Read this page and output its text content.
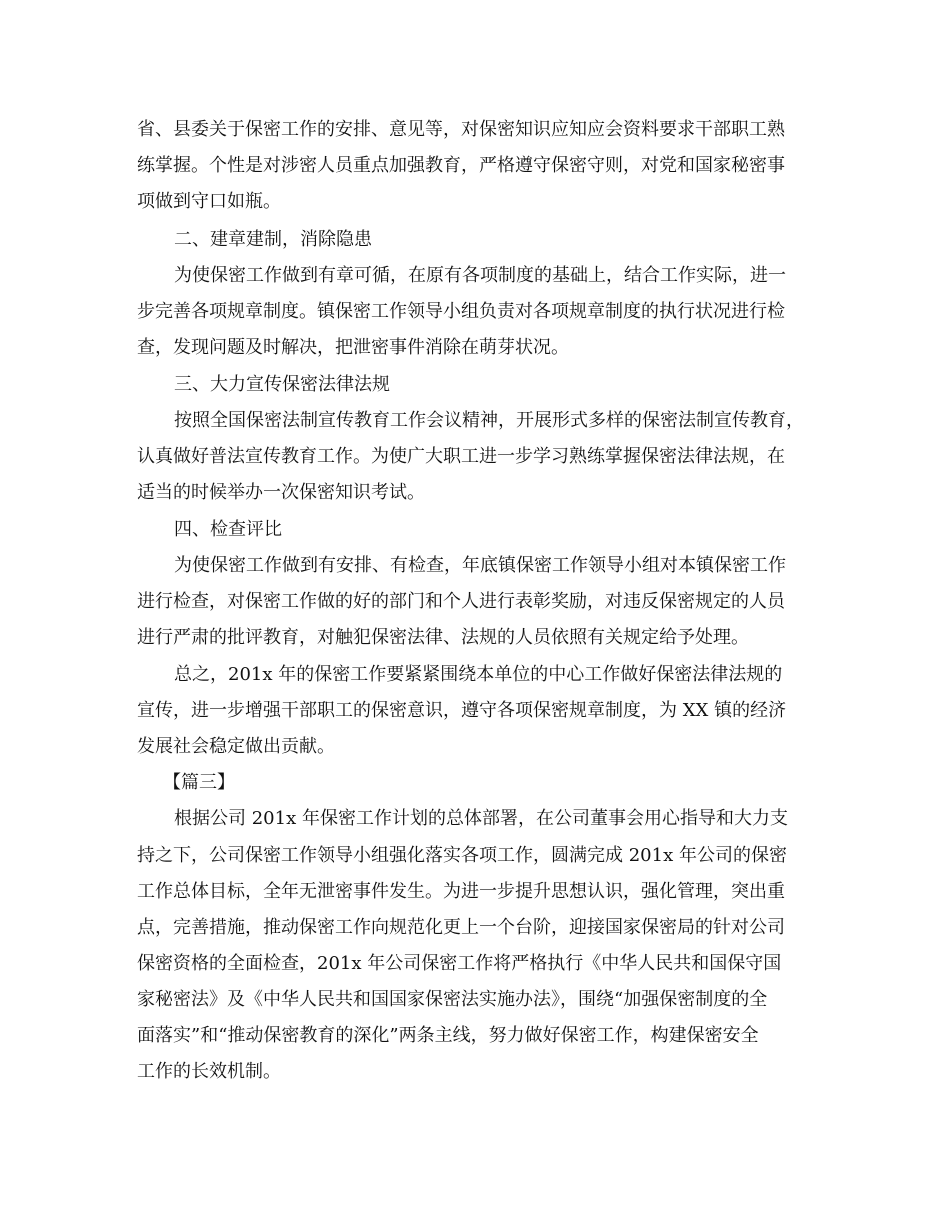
省、县委关于保密工作的安排、意见等，对保密知识应知应会资料要求干部职工熟
练掌握。个性是对涉密人员重点加强教育，严格遵守保密守则，对党和国家秘密事
项做到守口如瓶。
二、建章建制，消除隐患
为使保密工作做到有章可循，在原有各项制度的基础上，结合工作实际，进一
步完善各项规章制度。镇保密工作领导小组负责对各项规章制度的执行状况进行检
查，发现问题及时解决，把泄密事件消除在萌芽状况。
三、大力宣传保密法律法规
按照全国保密法制宣传教育工作会议精神，开展形式多样的保密法制宣传教育，
认真做好普法宣传教育工作。为使广大职工进一步学习熟练掌握保密法律法规，在
适当的时候举办一次保密知识考试。
四、检查评比
为使保密工作做到有安排、有检查，年底镇保密工作领导小组对本镇保密工作
进行检查，对保密工作做的好的部门和个人进行表彰奖励，对违反保密规定的人员
进行严肃的批评教育，对触犯保密法律、法规的人员依照有关规定给予处理。
总之，201x 年的保密工作要紧紧围绕本单位的中心工作做好保密法律法规的
宣传，进一步增强干部职工的保密意识，遵守各项保密规章制度，为 XX 镇的经济
发展社会稳定做出贡献。
【篇三】
根据公司 201x 年保密工作计划的总体部署，在公司董事会用心指导和大力支
持之下，公司保密工作领导小组强化落实各项工作，圆满完成 201x 年公司的保密
工作总体目标，全年无泄密事件发生。为进一步提升思想认识，强化管理，突出重
点，完善措施，推动保密工作向规范化更上一个台阶，迎接国家保密局的针对公司
保密资格的全面检查，201x 年公司保密工作将严格执行《中华人民共和国保守国
家秘密法》及《中华人民共和国国家保密法实施办法》，围绕“加强保密制度的全
面落实”和“推动保密教育的深化”两条主线，努力做好保密工作，构建保密安全
工作的长效机制。
